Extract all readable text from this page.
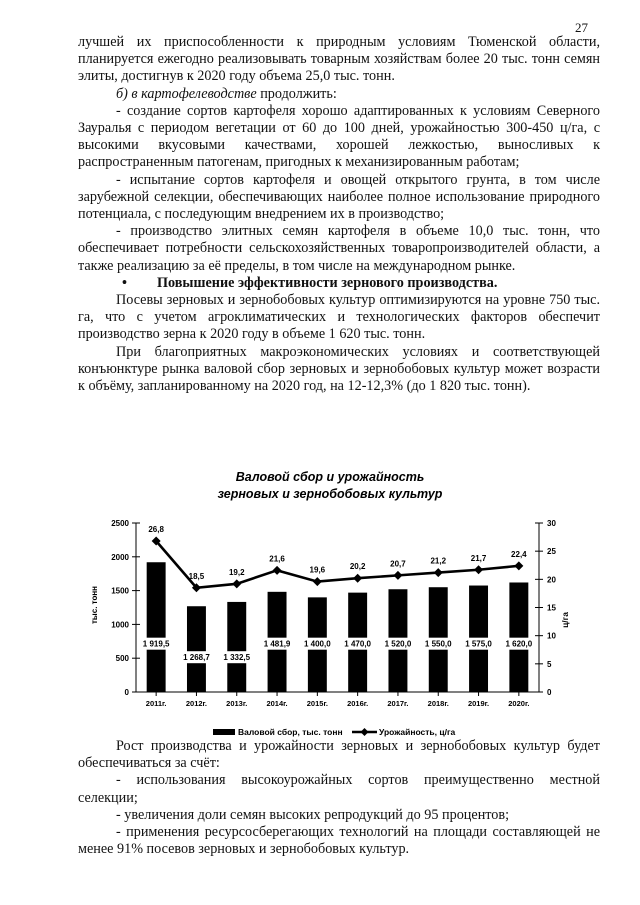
27

лучшей их приспособленности к природным условиям Тюменской области, планируется ежегодно реализовывать товарным хозяйствам более 20 тыс. тонн семян элиты, достигнув к 2020 году объема 25,0 тыс. тонн.

б) в картофелеводстве продолжить:

- создание сортов картофеля хорошо адаптированных к условиям Северного Зауралья с периодом вегетации от 60 до 100 дней, урожайностью 300-450 ц/га, с высокими вкусовыми качествами, хорошей лежкостью, выносливых к распространенным патогенам, пригодных к механизированным работам;

- испытание сортов картофеля и овощей открытого грунта, в том числе зарубежной селекции, обеспечивающих наиболее полное использование природного потенциала, с последующим внедрением их в производство;

- производство элитных семян картофеля в объеме 10,0 тыс. тонн, что обеспечивает потребности сельскохозяйственных товаропроизводителей области, а также реализацию за её пределы, в том числе на международном рынке.

• Повышение эффективности зернового производства.

Посевы зерновых и зернобобовых культур оптимизируются на уровне 750 тыс. га, что с учетом агроклиматических и технологических факторов обеспечит производство зерна к 2020 году в объеме 1 620 тыс. тонн.

При благоприятных макроэкономических условиях и соответствующей конъюнктуре рынка валовой сбор зерновых и зернобобовых культур может возрасти к объёму, запланированному на 2020 год, на 12-12,3% (до 1 820 тыс. тонн).

Валовой сбор и урожайность
зерновых и зернобобовых культур
0
500
1000
1500
2000
2500
0
5
10
15
20
25
30
1 919,5
2011г.
1 268,7
2012г.
1 332,5
2013г.
1 481,9
2014г.
1 400,0
2015г.
1 470,0
2016г.
1 520,0
2017г.
1 550,0
2018г.
1 575,0
2019г.
1 620,0
2020г.
26,8
18,5	19,2
21,6
19,6	20,2	20,7	21,2	21,7	22,4
тыс. тонн	ц/га
Валовой сбор, тыс. тонн	Урожайность, ц/га

Рост производства и урожайности зерновых и зернобобовых культур будет обеспечиваться за счёт:

- использования высокоурожайных сортов преимущественно местной селекции;

- увеличения доли семян высоких репродукций до 95 процентов;

- применения ресурсосберегающих технологий на площади составляющей не менее 91% посевов зерновых и зернобобовых культур.
